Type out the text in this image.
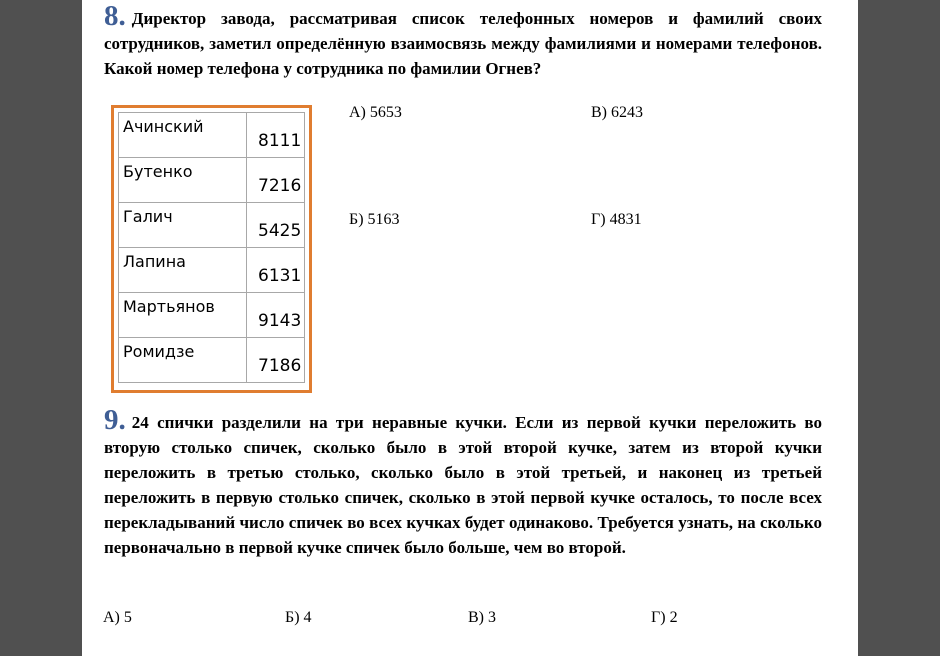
8. Директор завода, рассматривая список телефонных номеров и фамилий своих сотрудников, заметил определённую взаимосвязь между фамилиями и номерами телефонов. Какой номер телефона у сотрудника по фамилии Огнев?
Ачинский	8111
Бутенко	7216
Галич	5425
Лапина	6131
Мартьянов	9143
Ромидзе	7186
А) 5653	В) 6243
Б) 5163	Г) 4831
9. 24 спички разделили на три неравные кучки. Если из первой кучки переложить во вторую столько спичек, сколько было в этой второй кучке, затем из второй кучки переложить в третью столько, сколько было в этой третьей, и наконец из третьей переложить в первую столько спичек, сколько в этой первой кучке осталось, то после всех перекладываний число спичек во всех кучках будет одинаково. Требуется узнать, на сколько первоначально в первой кучке спичек было больше, чем во второй.
А) 5	Б) 4	В) 3	Г) 2
